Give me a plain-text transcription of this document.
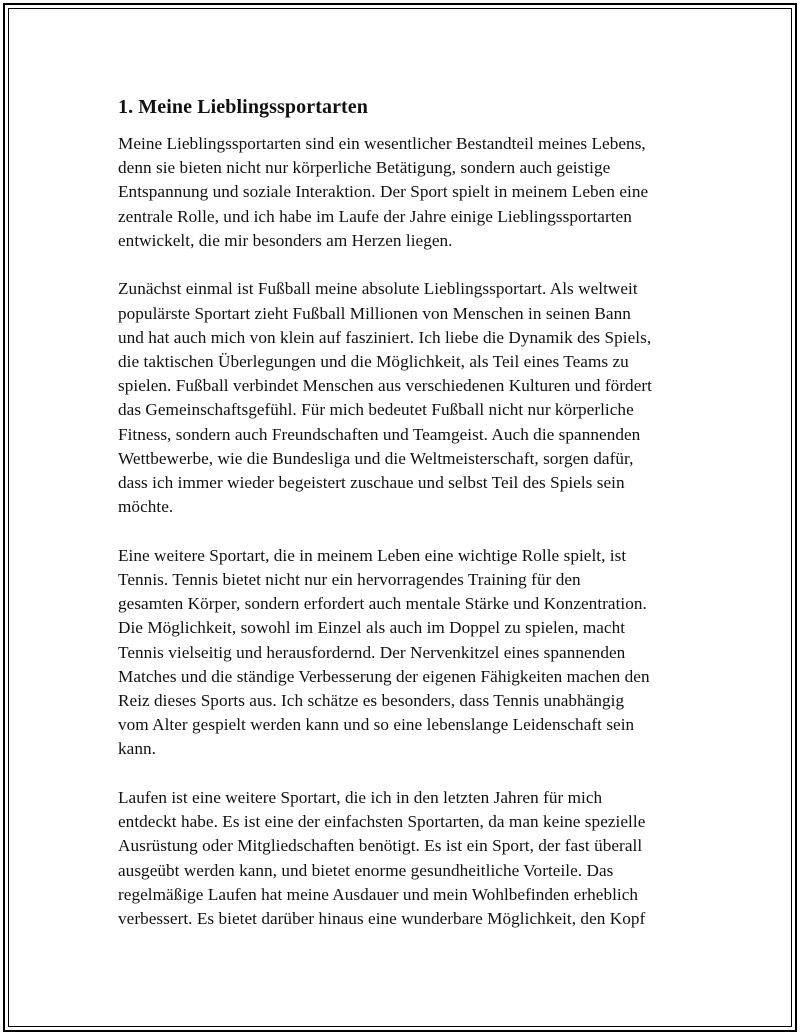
1. Meine Lieblingssportarten

Meine Lieblingssportarten sind ein wesentlicher Bestandteil meines Lebens,
denn sie bieten nicht nur körperliche Betätigung, sondern auch geistige
Entspannung und soziale Interaktion. Der Sport spielt in meinem Leben eine
zentrale Rolle, und ich habe im Laufe der Jahre einige Lieblingssportarten
entwickelt, die mir besonders am Herzen liegen.

Zunächst einmal ist Fußball meine absolute Lieblingssportart. Als weltweit
populärste Sportart zieht Fußball Millionen von Menschen in seinen Bann
und hat auch mich von klein auf fasziniert. Ich liebe die Dynamik des Spiels,
die taktischen Überlegungen und die Möglichkeit, als Teil eines Teams zu
spielen. Fußball verbindet Menschen aus verschiedenen Kulturen und fördert
das Gemeinschaftsgefühl. Für mich bedeutet Fußball nicht nur körperliche
Fitness, sondern auch Freundschaften und Teamgeist. Auch die spannenden
Wettbewerbe, wie die Bundesliga und die Weltmeisterschaft, sorgen dafür,
dass ich immer wieder begeistert zuschaue und selbst Teil des Spiels sein
möchte.

Eine weitere Sportart, die in meinem Leben eine wichtige Rolle spielt, ist
Tennis. Tennis bietet nicht nur ein hervorragendes Training für den
gesamten Körper, sondern erfordert auch mentale Stärke und Konzentration.
Die Möglichkeit, sowohl im Einzel als auch im Doppel zu spielen, macht
Tennis vielseitig und herausfordernd. Der Nervenkitzel eines spannenden
Matches und die ständige Verbesserung der eigenen Fähigkeiten machen den
Reiz dieses Sports aus. Ich schätze es besonders, dass Tennis unabhängig
vom Alter gespielt werden kann und so eine lebenslange Leidenschaft sein
kann.

Laufen ist eine weitere Sportart, die ich in den letzten Jahren für mich
entdeckt habe. Es ist eine der einfachsten Sportarten, da man keine spezielle
Ausrüstung oder Mitgliedschaften benötigt. Es ist ein Sport, der fast überall
ausgeübt werden kann, und bietet enorme gesundheitliche Vorteile. Das
regelmäßige Laufen hat meine Ausdauer und mein Wohlbefinden erheblich
verbessert. Es bietet darüber hinaus eine wunderbare Möglichkeit, den Kopf
